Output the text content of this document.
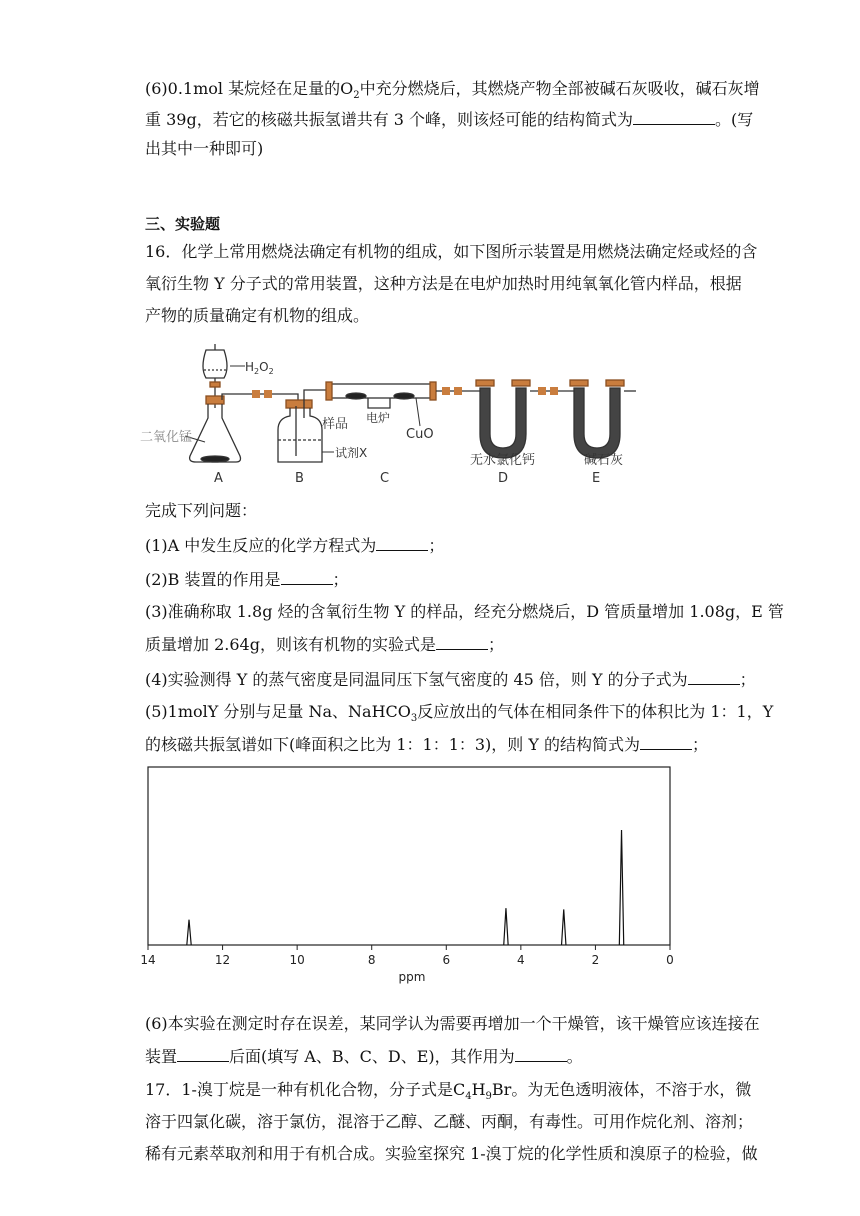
(6)0.1mol 某烷烃在足量的$O_2$中充分燃烧后，其燃烧产物全部被碱石灰吸收，碱石灰增
重 39g，若它的核磁共振氢谱共有 3 个峰，则该烃可能的结构简式为	。(写
出其中一种即可)
三、实验题
16．化学上常用燃烧法确定有机物的组成，如下图所示装置是用燃烧法确定烃或烃的含
氧衍生物 Y 分子式的常用装置，这种方法是在电炉加热时用纯氧氧化管内样品，根据
产物的质量确定有机物的组成。
$H_2O_2$
二氧化锰
试剂X
样品 电炉
CuO
无水氯化钙	碱石灰
A	B	C	D	E
完成下列问题：
(1)A 中发生反应的化学方程式为	；
(2)B 装置的作用是	；
(3)准确称取 1.8g 烃的含氧衍生物 Y 的样品，经充分燃烧后，D 管质量增加 1.08g，E 管
质量增加 2.64g，则该有机物的实验式是	；
(4)实验测得 Y 的蒸气密度是同温同压下氢气密度的 45 倍，则 Y 的分子式为	；
(5)1molY 分别与足量 Na、NaHCO$_3$反应放出的气体在相同条件下的体积比为 1：1，Y
的核磁共振氢谱如下(峰面积之比为 1：1：1：3)，则 Y 的结构简式为	；
14	12	10	8	6	4	2	0
ppm
(6)本实验在测定时存在误差，某同学认为需要再增加一个干燥管，该干燥管应该连接在
装置	后面(填写 A、B、C、D、E)，其作用为	。
17．1-溴丁烷是一种有机化合物，分子式是$C_4H_9Br$。为无色透明液体，不溶于水，微
溶于四氯化碳，溶于氯仿，混溶于乙醇、乙醚、丙酮，有毒性。可用作烷化剂、溶剂；
稀有元素萃取剂和用于有机合成。实验室探究 1-溴丁烷的化学性质和溴原子的检验，做
